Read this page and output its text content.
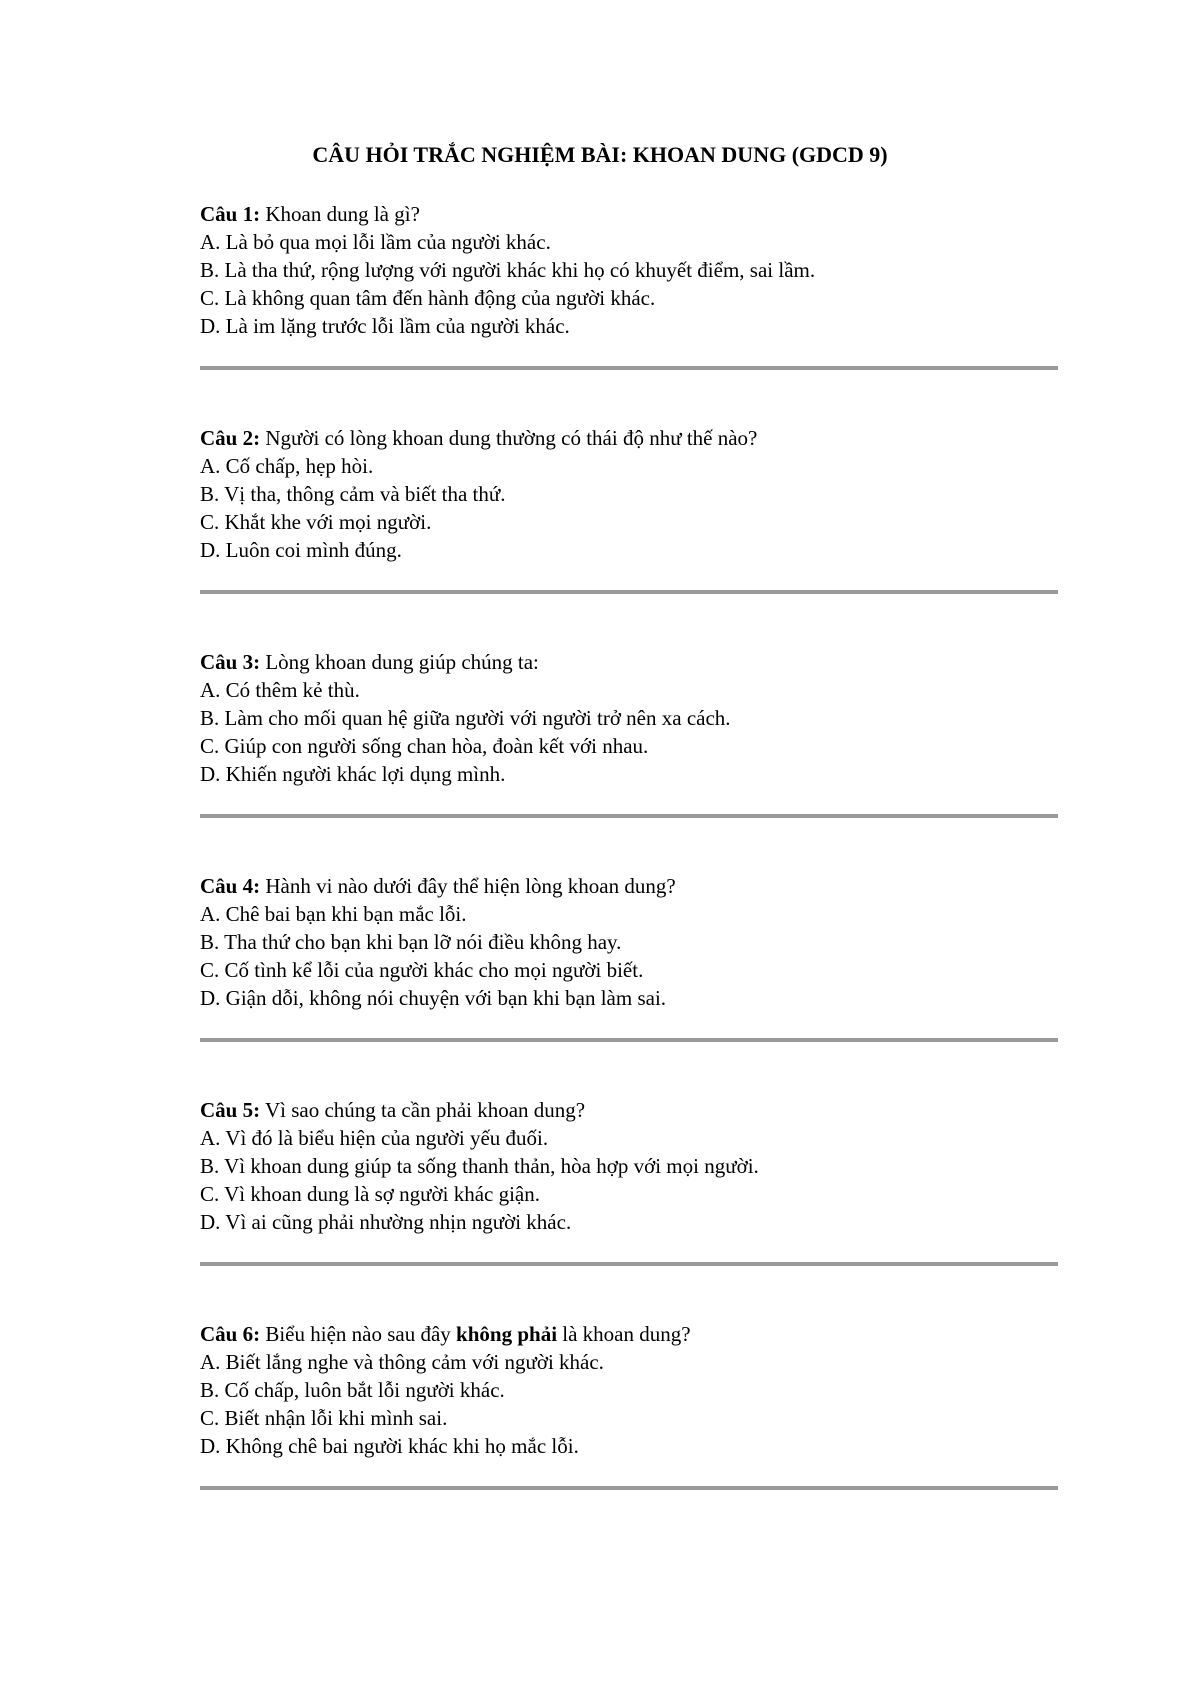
CÂU HỎI TRẮC NGHIỆM BÀI: KHOAN DUNG (GDCD 9)
Câu 1: Khoan dung là gì?
A. Là bỏ qua mọi lỗi lầm của người khác.
B. Là tha thứ, rộng lượng với người khác khi họ có khuyết điểm, sai lầm.
C. Là không quan tâm đến hành động của người khác.
D. Là im lặng trước lỗi lầm của người khác.
Câu 2: Người có lòng khoan dung thường có thái độ như thế nào?
A. Cố chấp, hẹp hòi.
B. Vị tha, thông cảm và biết tha thứ.
C. Khắt khe với mọi người.
D. Luôn coi mình đúng.
Câu 3: Lòng khoan dung giúp chúng ta:
A. Có thêm kẻ thù.
B. Làm cho mối quan hệ giữa người với người trở nên xa cách.
C. Giúp con người sống chan hòa, đoàn kết với nhau.
D. Khiến người khác lợi dụng mình.
Câu 4: Hành vi nào dưới đây thể hiện lòng khoan dung?
A. Chê bai bạn khi bạn mắc lỗi.
B. Tha thứ cho bạn khi bạn lỡ nói điều không hay.
C. Cố tình kể lỗi của người khác cho mọi người biết.
D. Giận dỗi, không nói chuyện với bạn khi bạn làm sai.
Câu 5: Vì sao chúng ta cần phải khoan dung?
A. Vì đó là biểu hiện của người yếu đuối.
B. Vì khoan dung giúp ta sống thanh thản, hòa hợp với mọi người.
C. Vì khoan dung là sợ người khác giận.
D. Vì ai cũng phải nhường nhịn người khác.
Câu 6: Biểu hiện nào sau đây không phải là khoan dung?
A. Biết lắng nghe và thông cảm với người khác.
B. Cố chấp, luôn bắt lỗi người khác.
C. Biết nhận lỗi khi mình sai.
D. Không chê bai người khác khi họ mắc lỗi.
